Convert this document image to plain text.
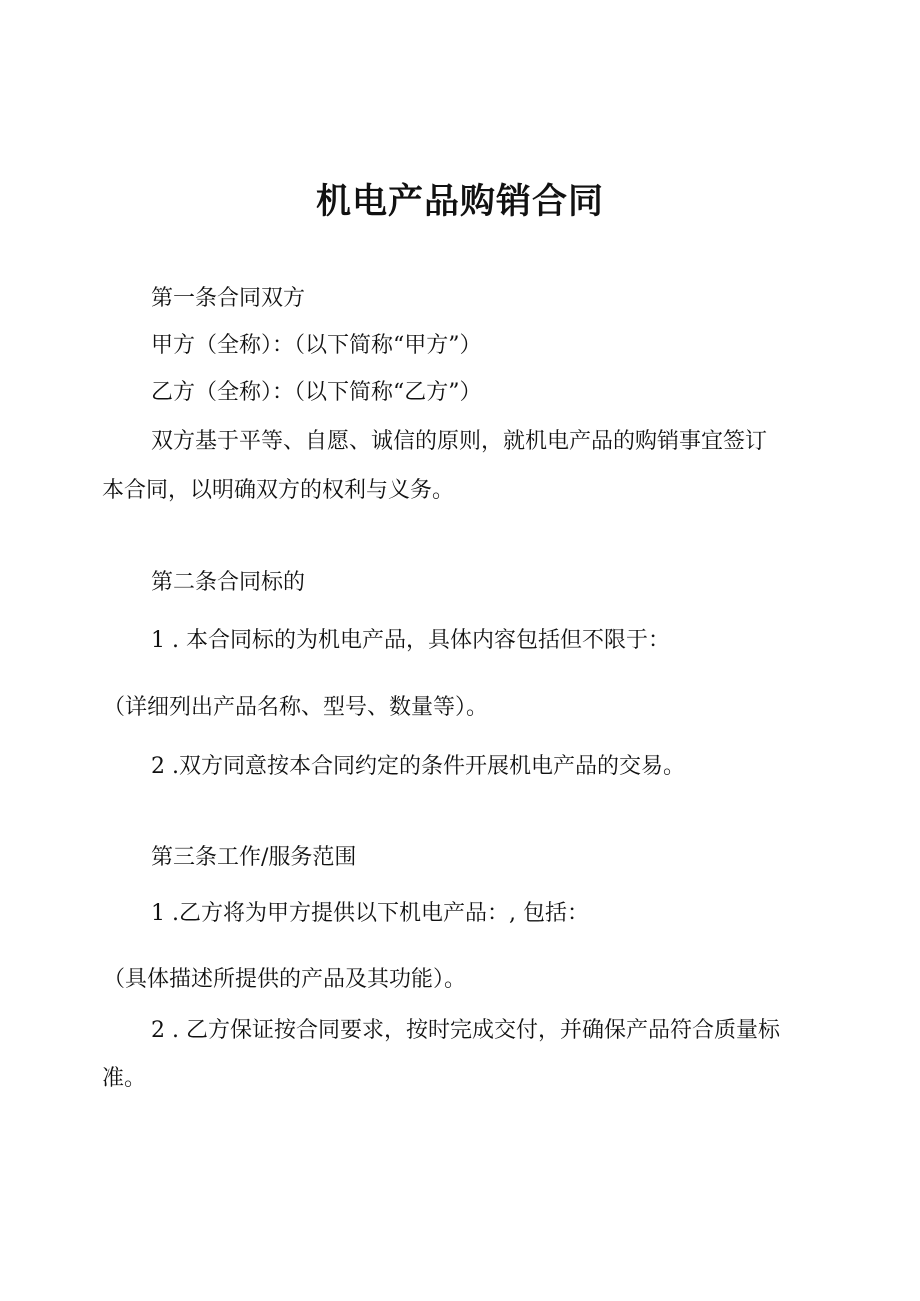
机电产品购销合同
第一条合同双方
甲方（全称）：（以下简称“甲方”）
乙方（全称）：（以下简称“乙方”）
双方基于平等、自愿、诚信的原则，就机电产品的购销事宜签订
本合同，以明确双方的权利与义务。
第二条合同标的
1 . 本合同标的为机电产品，具体内容包括但不限于：
（详细列出产品名称、型号、数量等）。
2 .双方同意按本合同约定的条件开展机电产品的交易。
第三条工作/服务范围
1 .乙方将为甲方提供以下机电产品：, 包括：
（具体描述所提供的产品及其功能）。
2 . 乙方保证按合同要求，按时完成交付，并确保产品符合质量标
准。
